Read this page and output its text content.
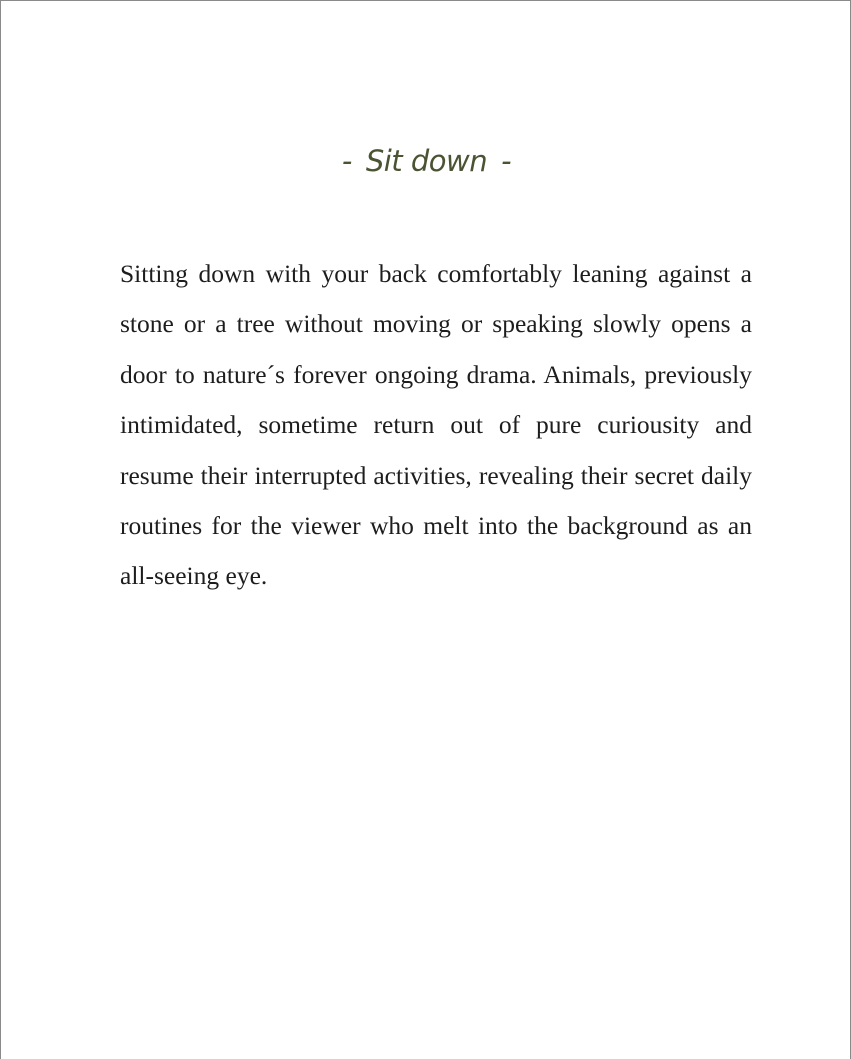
- Sit down -

Sitting down with your back comfortably leaning against a stone or a tree without moving or speaking slowly opens a door to nature´s forever ongoing drama. Animals, previously intimidated, sometime return out of pure curiousity and resume their interrupted activities, revealing their secret daily routines for the viewer who melt into the background as an all-seeing eye.
